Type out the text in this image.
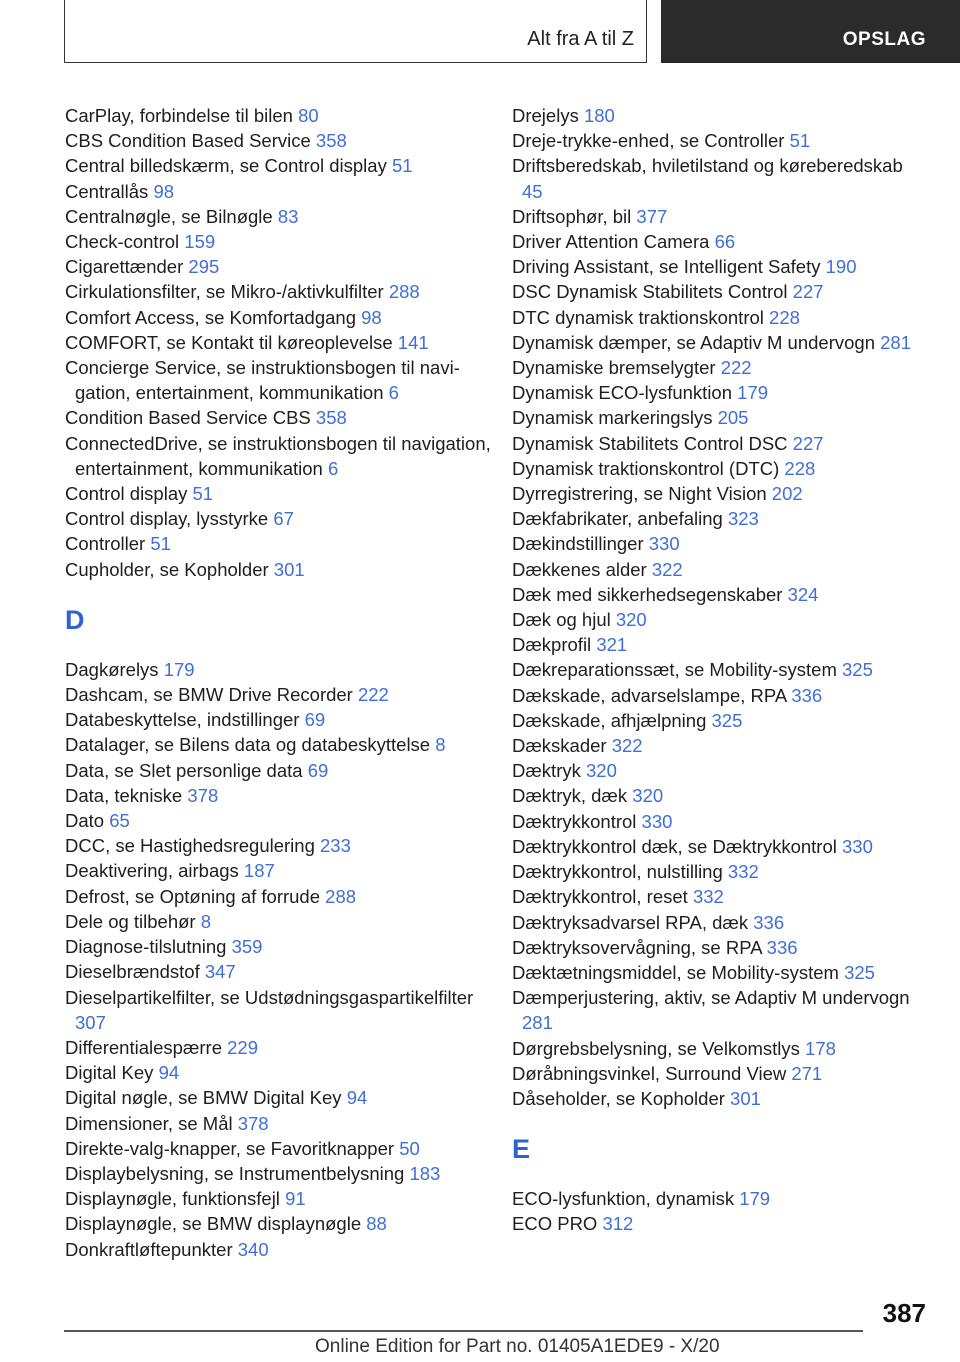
Alt fra A til Z	OPSLAG
CarPlay, forbindelse til bilen 80
CBS Condition Based Service 358
Central billedskærm, se Control display 51
Centrallås 98
Centralnøgle, se Bilnøgle 83
Check-control 159
Cigarettænder 295
Cirkulationsfilter, se Mikro-/aktivkulfilter 288
Comfort Access, se Komfortadgang 98
COMFORT, se Kontakt til køreoplevelse 141
Concierge Service, se instruktionsbogen til navigation, entertainment, kommunikation 6
Condition Based Service CBS 358
ConnectedDrive, se instruktionsbogen til navigation, entertainment, kommunikation 6
Control display 51
Control display, lysstyrke 67
Controller 51
Cupholder, se Kopholder 301
D
Dagkørelys 179
Dashcam, se BMW Drive Recorder 222
Databeskyttelse, indstillinger 69
Datalager, se Bilens data og databeskyttelse 8
Data, se Slet personlige data 69
Data, tekniske 378
Dato 65
DCC, se Hastighedsregulering 233
Deaktivering, airbags 187
Defrost, se Optøning af forrude 288
Dele og tilbehør 8
Diagnose-tilslutning 359
Dieselbrændstof 347
Dieselpartikelfilter, se Udstødningsgaspartikelfilter 307
Differentialespærre 229
Digital Key 94
Digital nøgle, se BMW Digital Key 94
Dimensioner, se Mål 378
Direkte-valg-knapper, se Favoritknapper 50
Displaybelysning, se Instrumentbelysning 183
Displaynøgle, funktionsfejl 91
Displaynøgle, se BMW displaynøgle 88
Donkraftløftepunkter 340
Drejelys 180
Dreje-trykke-enhed, se Controller 51
Driftsberedskab, hviletilstand og køreberedskab 45
Driftsophør, bil 377
Driver Attention Camera 66
Driving Assistant, se Intelligent Safety 190
DSC Dynamisk Stabilitets Control 227
DTC dynamisk traktionskontrol 228
Dynamisk dæmper, se Adaptiv M undervogn 281
Dynamiske bremselygter 222
Dynamisk ECO-lysfunktion 179
Dynamisk markeringslys 205
Dynamisk Stabilitets Control DSC 227
Dynamisk traktionskontrol (DTC) 228
Dyrregistrering, se Night Vision 202
Dækfabrikater, anbefaling 323
Dækindstillinger 330
Dækkenes alder 322
Dæk med sikkerhedsegenskaber 324
Dæk og hjul 320
Dækprofil 321
Dækreparationssæt, se Mobility-system 325
Dækskade, advarselslampe, RPA 336
Dækskade, afhjælpning 325
Dækskader 322
Dæktryk 320
Dæktryk, dæk 320
Dæktrykkontrol 330
Dæktrykkontrol dæk, se Dæktrykkontrol 330
Dæktrykkontrol, nulstilling 332
Dæktrykkontrol, reset 332
Dæktryksadvarsel RPA, dæk 336
Dæktryksovervågning, se RPA 336
Dæktætningsmiddel, se Mobility-system 325
Dæmperjustering, aktiv, se Adaptiv M undervogn 281
Dørgrebsbelysning, se Velkomstlys 178
Døråbningsvinkel, Surround View 271
Dåseholder, se Kopholder 301
E
ECO-lysfunktion, dynamisk 179
ECO PRO 312
387
Online Edition for Part no. 01405A1EDE9 - X/20
